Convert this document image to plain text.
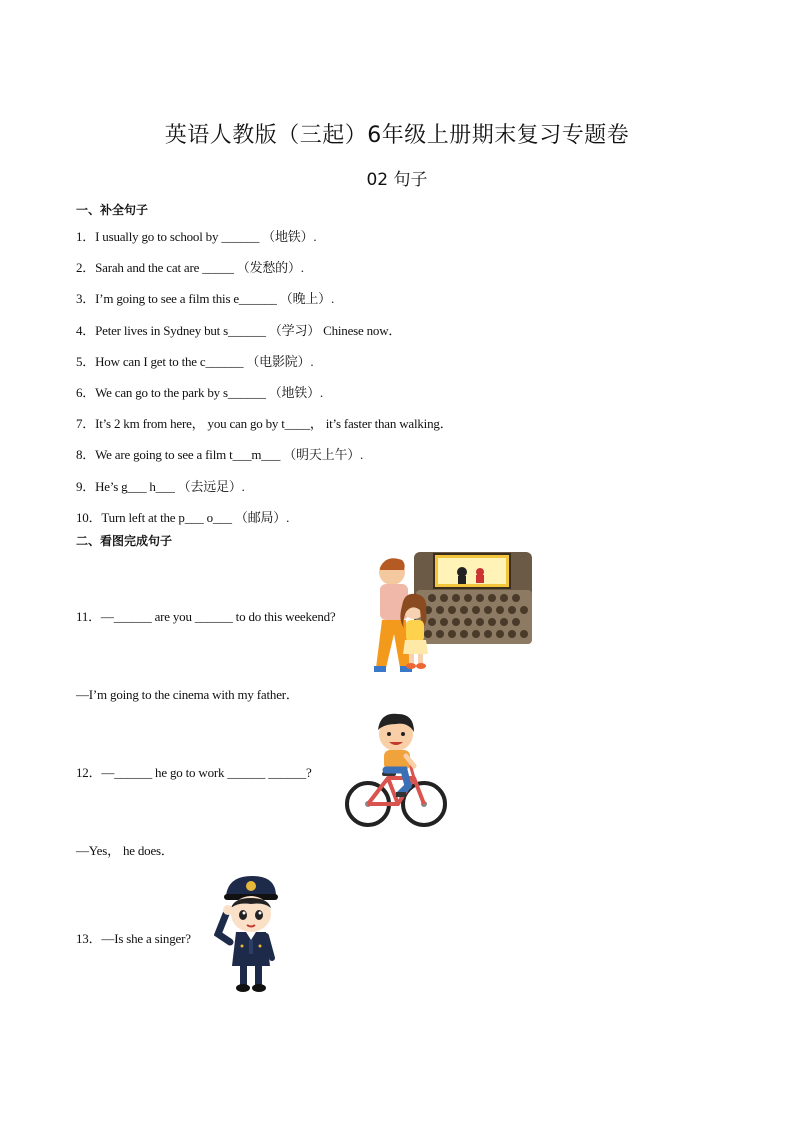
英语人教版（三起）6年级上册期末复习专题卷
02 句子
一、补全句子
1．I usually go to school by ______ （地铁）.
2．Sarah and the cat are _____ （发愁的）.
3．I’m going to see a film this e______ （晚上）.
4．Peter lives in Sydney but s______ （学习） Chinese now．
5．How can I get to the c______ （电影院）.
6．We can go to the park by s______ （地铁）.
7．It’s 2 km from here， you can go by t____， it’s faster than walking．
8．We are going to see a film t___m___ （明天上午）.
9．He’s g___ h___ （去远足）.
10．Turn left at the p___ o___ （邮局）.
二、看图完成句子
11．—______ are you ______ to do this weekend?
—I’m going to the cinema with my father．
12．—______ he go to work ______ ______?
—Yes， he does．
13．—Is she a singer?
